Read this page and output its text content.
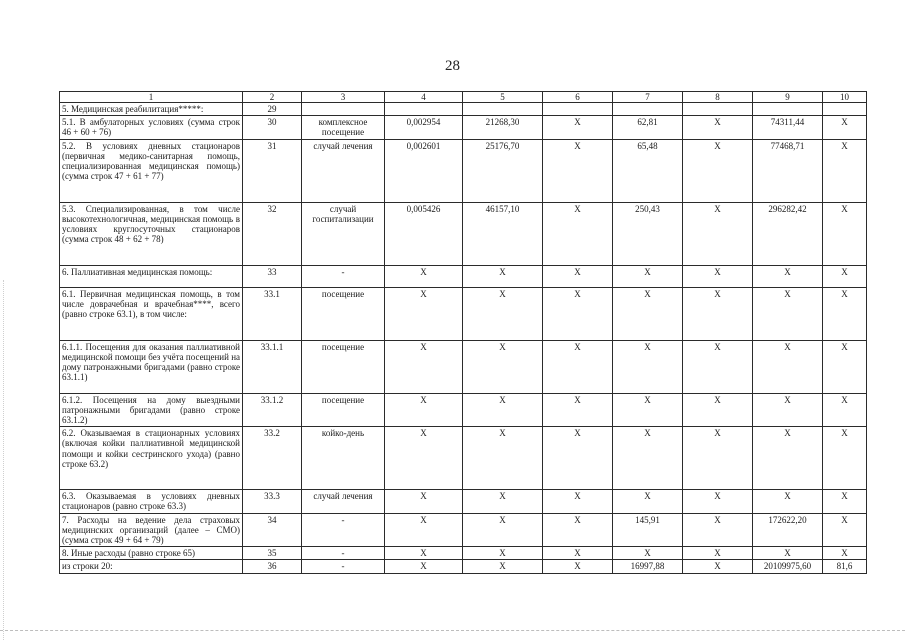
28
1	2	3	4	5	6	7	8	9	10
5. Медицинская реабилитация*****:	29								
5.1. В амбулаторных условиях (сумма строк 46 + 60 + 76)	30	комплексное посещение	0,002954	21268,30	Х	62,81	Х	74311,44	Х
5.2. В условиях дневных стационаров (первичная медико-санитарная помощь, специализированная медицинская помощь) (сумма строк 47 + 61 + 77)	31	случай лечения	0,002601	25176,70	Х	65,48	Х	77468,71	Х
5.3. Специализированная, в том числе высокотехнологичная, медицинская помощь в условиях круглосуточных стационаров (сумма строк 48 + 62 + 78)	32	случай госпитализации	0,005426	46157,10	Х	250,43	Х	296282,42	Х
6. Паллиативная медицинская помощь:	33	-	Х	Х	Х	Х	Х	Х	Х
6.1. Первичная медицинская помощь, в том числе доврачебная и врачебная****, всего (равно строке 63.1), в том числе:	33.1	посещение	Х	Х	Х	Х	Х	Х	Х
6.1.1. Посещения для оказания паллиативной медицинской помощи без учёта посещений на дому патронажными бригадами (равно строке 63.1.1)	33.1.1	посещение	Х	Х	Х	Х	Х	Х	Х
6.1.2. Посещения на дому выездными патронажными бригадами (равно строке 63.1.2)	33.1.2	посещение	Х	Х	Х	Х	Х	Х	Х
6.2. Оказываемая в стационарных условиях (включая койки паллиативной медицинской помощи и койки сестринского ухода) (равно строке 63.2)	33.2	койко-день	Х	Х	Х	Х	Х	Х	Х
6.3. Оказываемая в условиях дневных стационаров (равно строке 63.3)	33.3	случай лечения	Х	Х	Х	Х	Х	Х	Х
7. Расходы на ведение дела страховых медицинских организаций (далее – СМО) (сумма строк 49 + 64 + 79)	34	-	Х	Х	Х	145,91	Х	172622,20	Х
8. Иные расходы (равно строке 65)	35	-	Х	Х	Х	Х	Х	Х	Х
из строки 20:	36	-	Х	Х	Х	16997,88	Х	20109975,60	81,6
